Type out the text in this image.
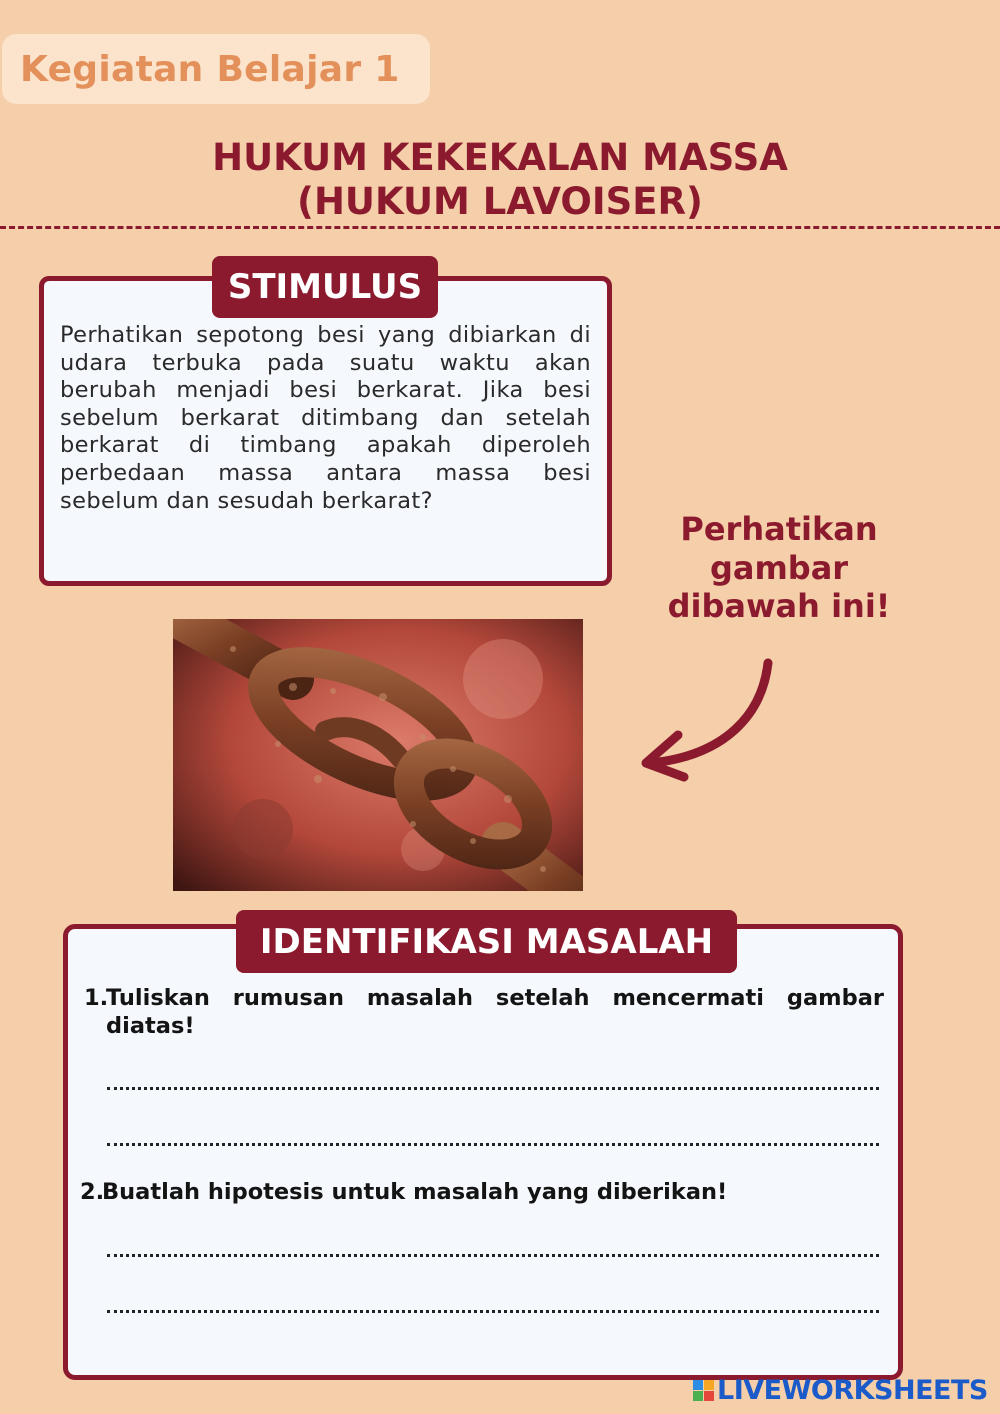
Kegiatan Belajar 1
HUKUM KEKEKALAN MASSA
(HUKUM LAVOISER)
STIMULUS

Perhatikan sepotong besi yang dibiarkan di udara terbuka pada suatu waktu akan berubah menjadi besi berkarat. Jika besi sebelum berkarat ditimbang dan setelah berkarat di timbang apakah diperoleh perbedaan massa antara massa besi sebelum dan sesudah berkarat?

Perhatikan
gambar
dibawah ini!
IDENTIFIKASI MASALAH
1.
Tuliskan rumusan masalah setelah mencermati gambar diatas!
2.
Buatlah hipotesis untuk masalah yang diberikan!
LIVEWORKSHEETS
